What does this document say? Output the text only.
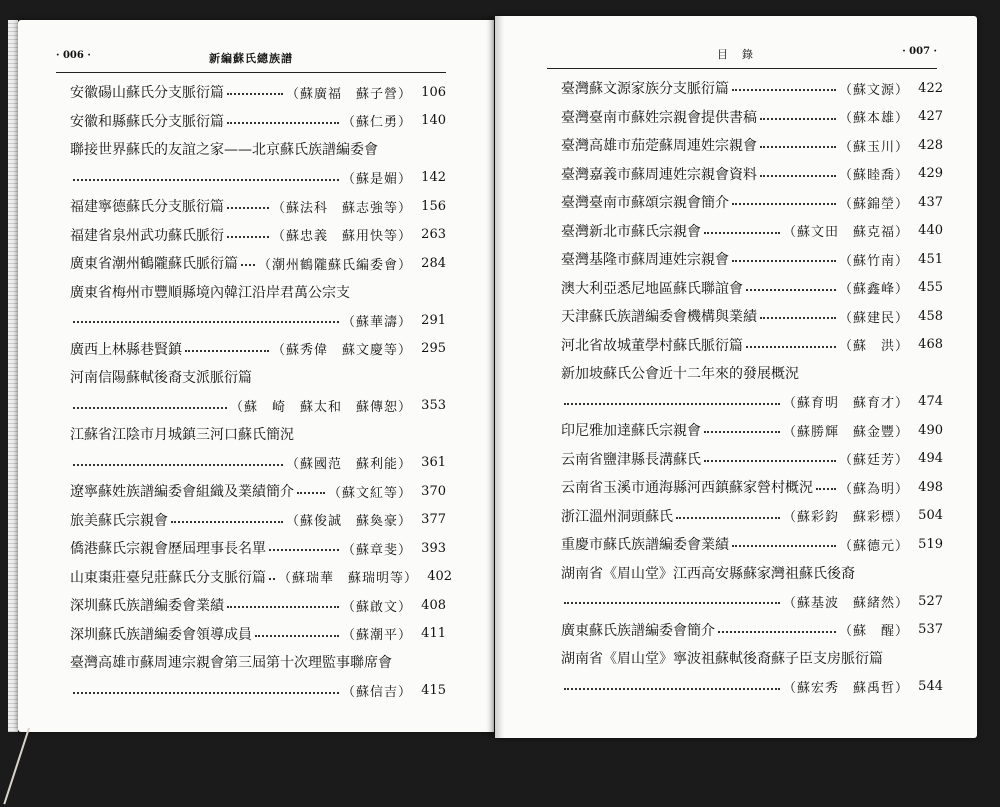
· 006 ·	新編蘇氏總族譜
安徽碭山蘇氏分支脈衍篇	（蘇廣福　蘇子營） 106
安徽和縣蘇氏分支脈衍篇	（蘇仁勇） 140
聯接世界蘇氏的友誼之家——北京蘇氏族譜編委會
（蘇是媚） 142
福建寧德蘇氏分支脈衍篇	（蘇法科　蘇志強等） 156
福建省泉州武功蘇氏脈衍	（蘇忠義　蘇用快等） 263
廣東省潮州鶴隴蘇氏脈衍篇 （潮州鶴隴蘇氏編委會） 284
廣東省梅州市豐順縣境內韓江沿岸君萬公宗支
（蘇華濤） 291
廣西上林縣巷賢鎮	（蘇秀偉　蘇文慶等） 295
河南信陽蘇軾後裔支派脈衍篇
（蘇　崎　蘇太和　蘇傳恕） 353
江蘇省江陰市月城鎮三河口蘇氏簡況
（蘇國范　蘇利能） 361
遼寧蘇姓族譜編委會組織及業績簡介	（蘇文紅等） 370
旅美蘇氏宗親會	（蘇俊誠　蘇奐豪） 377
僑港蘇氏宗親會歷屆理事長名單	（蘇章斐） 393
山東棗莊臺兒莊蘇氏分支脈衍篇 （蘇瑞華　蘇瑞明等） 402
深圳蘇氏族譜編委會業績	（蘇啟文） 408
深圳蘇氏族譜編委會領導成員	（蘇潮平） 411
臺灣高雄市蘇周連宗親會第三屆第十次理監事聯席會
（蘇信吉） 415
目錄	· 007 ·
臺灣蘇文源家族分支脈衍篇	（蘇文源） 422
臺灣臺南市蘇姓宗親會提供書稿	（蘇本雄） 427
臺灣高雄市茄萣蘇周連姓宗親會	（蘇玉川） 428
臺灣嘉義市蘇周連姓宗親會資料	（蘇睦喬） 429
臺灣臺南市蘇頌宗親會簡介	（蘇錦塋） 437
臺灣新北市蘇氏宗親會	（蘇文田　蘇克福） 440
臺灣基隆市蘇周連姓宗親會	（蘇竹南） 451
澳大利亞悉尼地區蘇氏聯誼會	（蘇鑫峰） 455
天津蘇氏族譜編委會機構與業績	（蘇建民） 458
河北省故城董學村蘇氏脈衍篇	（蘇　洪） 468
新加坡蘇氏公會近十二年來的發展概況
（蘇育明　蘇育才） 474
印尼雅加達蘇氏宗親會	（蘇勝輝　蘇金豐） 490
云南省鹽津縣長溝蘇氏	（蘇廷芳） 494
云南省玉溪市通海縣河西鎮蘇家營村概況 （蘇為明） 498
浙江溫州洞頭蘇氏	（蘇彩鈞　蘇彩標） 504
重慶市蘇氏族譜編委會業績	（蘇德元） 519
湖南省《眉山堂》江西高安縣蘇家灣祖蘇氏後裔
（蘇基波　蘇緒然） 527
廣東蘇氏族譜編委會簡介	（蘇　醒） 537
湖南省《眉山堂》寧波祖蘇軾後裔蘇子臣支房脈衍篇
（蘇宏秀　蘇禹哲） 544
